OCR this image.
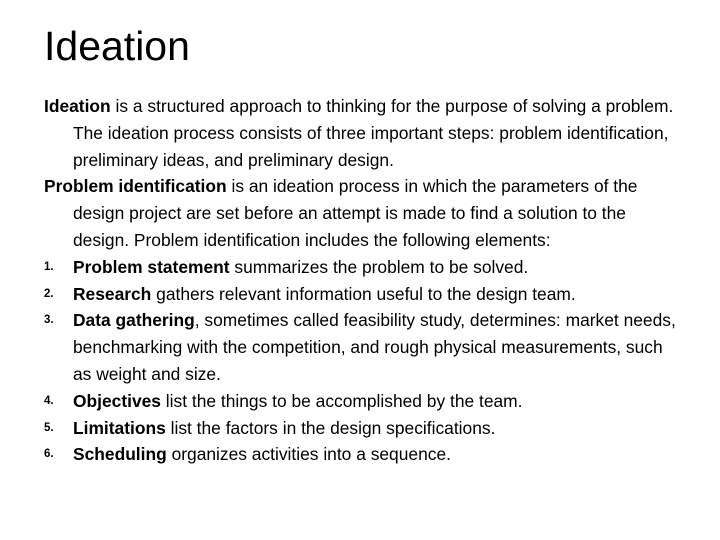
Ideation

Ideation is a structured approach to thinking for the purpose of solving a problem. The ideation process consists of three important steps: problem identification, preliminary ideas, and preliminary design.

Problem identification is an ideation process in which the parameters of the design project are set before an attempt is made to find a solution to the design. Problem identification includes the following elements:

1. Problem statement summarizes the problem to be solved.
2. Research gathers relevant information useful to the design team.
3. Data gathering, sometimes called feasibility study, determines: market needs, benchmarking with the competition, and rough physical measurements, such as weight and size.
4. Objectives list the things to be accomplished by the team.
5. Limitations list the factors in the design specifications.
6. Scheduling organizes activities into a sequence.
